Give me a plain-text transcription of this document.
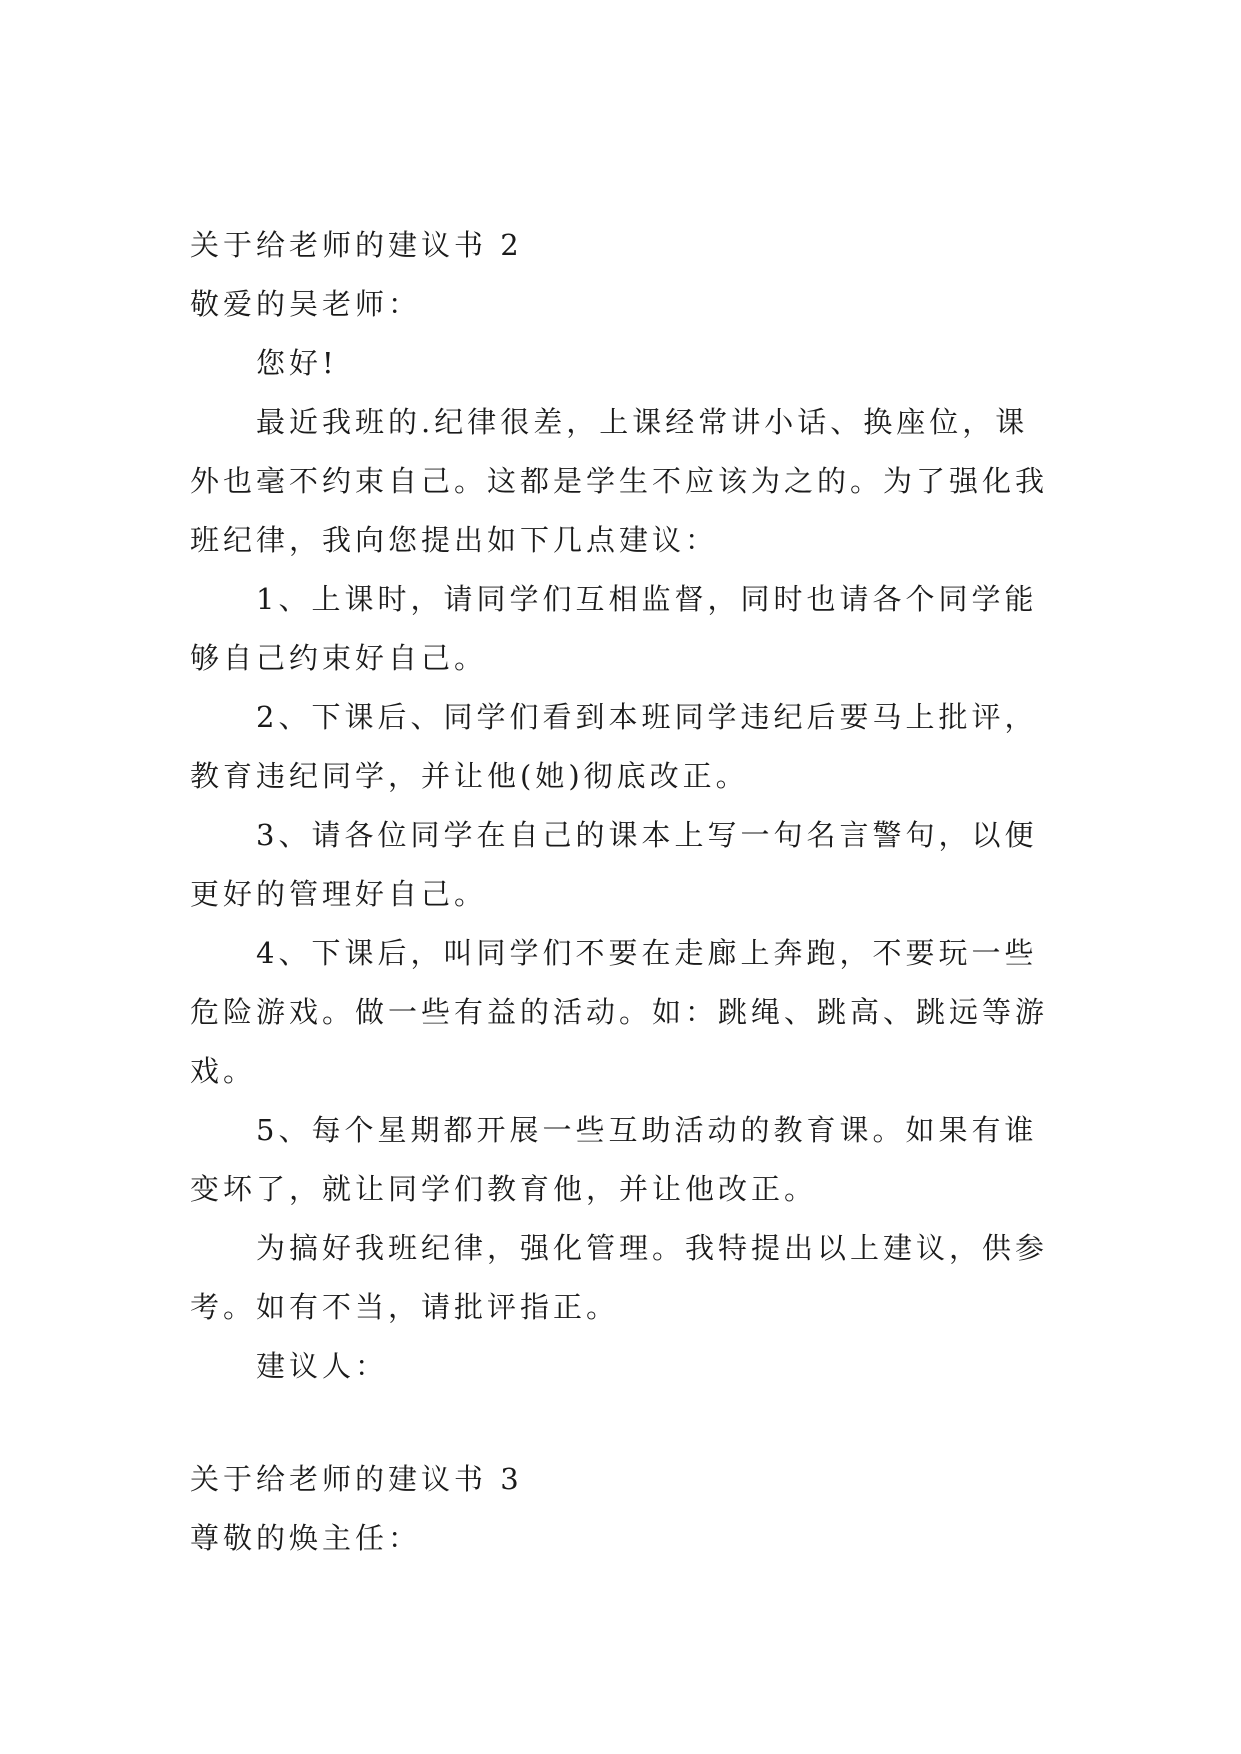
关于给老师的建议书 2
敬爱的吴老师：
您好!
最近我班的.纪律很差，上课经常讲小话、换座位，课
外也毫不约束自己。这都是学生不应该为之的。为了强化我
班纪律，我向您提出如下几点建议：
1、上课时，请同学们互相监督，同时也请各个同学能
够自己约束好自己。
2、下课后、同学们看到本班同学违纪后要马上批评，
教育违纪同学，并让他(她)彻底改正。
3、请各位同学在自己的课本上写一句名言警句，以便
更好的管理好自己。
4、下课后，叫同学们不要在走廊上奔跑，不要玩一些
危险游戏。做一些有益的活动。如：跳绳、跳高、跳远等游
戏。
5、每个星期都开展一些互助活动的教育课。如果有谁
变坏了，就让同学们教育他，并让他改正。
为搞好我班纪律，强化管理。我特提出以上建议，供参
考。如有不当，请批评指正。
建议人：
关于给老师的建议书 3
尊敬的焕主任：
